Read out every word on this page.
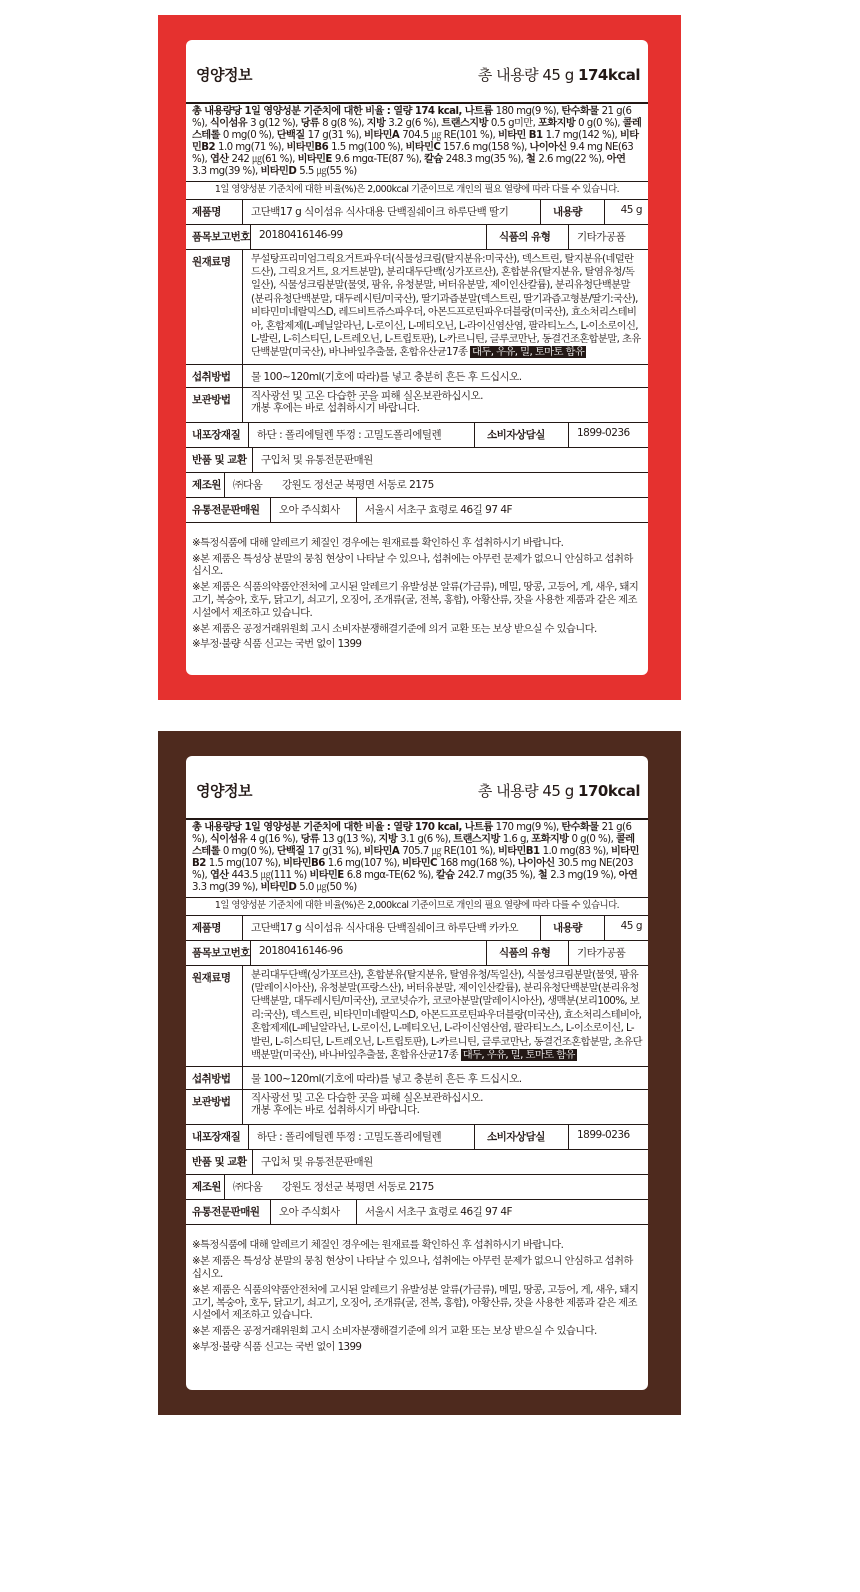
영양정보	총 내용량 45 g 174kcal
총 내용량당 1일 영양성분 기준치에 대한 비율 : 열량 174 kcal, 나트륨 180 mg(9 %), 탄수화물 21 g(6 %), 식이섬유 3 g(12 %), 당류 8 g(8 %), 지방 3.2 g(6 %), 트랜스지방 0.5 g미만, 포화지방 0 g(0 %), 콜레스테롤 0 mg(0 %), 단백질 17 g(31 %), 비타민A 704.5 ㎍ RE(101 %), 비타민 B1 1.7 mg(142 %), 비타민B2 1.0 mg(71 %), 비타민B6 1.5 mg(100 %), 비타민C 157.6 mg(158 %), 나이아신 9.4 mg NE(63 %), 엽산 242 ㎍(61 %), 비타민E 9.6 mgα-TE(87 %), 칼슘 248.3 mg(35 %), 철 2.6 mg(22 %), 아연 3.3 mg(39 %), 비타민D 5.5 ㎍(55 %)
1일 영양성분 기준치에 대한 비율(%)은 2,000kcal 기준이므로 개인의 필요 열량에 따라 다를 수 있습니다.
제품명	고단백17 g 식이섬유 식사대용 단백질쉐이크 하루단백 딸기	내용량	45 g
품목보고번호 20180416146-99	식품의 유형	기타가공품
원재료명	무설탕프리미엄그릭요거트파우더(식물성크림(탈지분유:미국산), 덱스트린, 탈지분유(네덜란드산), 그릭요거트, 요거트분말), 분리대두단백(싱가포르산), 혼합분유(탈지분유, 탈염유청/독일산), 식물성크림분말(물엿, 팜유, 유청분말, 버터유분말, 제이인산칼륨), 분리유청단백분말(분리유청단백분말, 대두레시틴/미국산), 딸기과즙분말(덱스트린, 딸기과즙고형분/딸기:국산), 비타민미네랄믹스D, 레드비트쥬스파우더, 아몬드프로틴파우더블랑(미국산), 효소처리스테비아, 혼합제제(L-페닐알라닌, L-로이신, L-메티오닌, L-라이신염산염, 팔라티노스, L-이소로이신, L-발린, L-히스티딘, L-트레오닌, L-트립토판), L-카르니틴, 글루코만난, 동결건조혼합분말, 초유단백분말(미국산), 바나바잎추출물, 혼합유산균17종 대두, 우유, 밀, 토마토 함유
섭취방법	물 100~120ml(기호에 따라)를 넣고 충분히 흔든 후 드십시오.
보관방법	직사광선 및 고온 다습한 곳을 피해 실온보관하십시오.
개봉 후에는 바로 섭취하시기 바랍니다.
내포장재질	하단 : 폴리에틸렌 뚜껑 : 고밀도폴리에틸렌	소비자상담실	1899-0236
반품 및 교환	구입처 및 유통전문판매원
제조원	㈜다움	강원도 정선군 북평면 서동로 2175
유통전문판매원	오아 주식회사	서울시 서초구 효령로 46길 97 4F

※특정식품에 대해 알레르기 체질인 경우에는 원재료를 확인하신 후 섭취하시기 바랍니다.

※본 제품은 특성상 분말의 뭉침 현상이 나타날 수 있으나, 섭취에는 아무런 문제가 없으니 안심하고 섭취하십시오.

※본 제품은 식품의약품안전처에 고시된 알레르기 유발성분 알류(가금류), 메밀, 땅콩, 고등어, 게, 새우, 돼지고기, 복숭아, 호두, 닭고기, 쇠고기, 오징어, 조개류(굴, 전복, 홍합), 아황산류, 잣을 사용한 제품과 같은 제조시설에서 제조하고 있습니다.

※본 제품은 공정거래위원회 고시 소비자분쟁해결기준에 의거 교환 또는 보상 받으실 수 있습니다.

※부정·불량 식품 신고는 국번 없이 1399

영양정보	총 내용량 45 g 170kcal
총 내용량당 1일 영양성분 기준치에 대한 비율 : 열량 170 kcal, 나트륨 170 mg(9 %), 탄수화물 21 g(6 %), 식이섬유 4 g(16 %), 당류 13 g(13 %), 지방 3.1 g(6 %), 트랜스지방 1.6 g, 포화지방 0 g(0 %), 콜레스테롤 0 mg(0 %), 단백질 17 g(31 %), 비타민A 705.7 ㎍ RE(101 %), 비타민B1 1.0 mg(83 %), 비타민B2 1.5 mg(107 %), 비타민B6 1.6 mg(107 %), 비타민C 168 mg(168 %), 나이아신 30.5 mg NE(203 %), 엽산 443.5 ㎍(111 %) 비타민E 6.8 mgα-TE(62 %), 칼슘 242.7 mg(35 %), 철 2.3 mg(19 %), 아연 3.3 mg(39 %), 비타민D 5.0 ㎍(50 %)
1일 영양성분 기준치에 대한 비율(%)은 2,000kcal 기준이므로 개인의 필요 열량에 따라 다를 수 있습니다.
제품명	고단백17 g 식이섬유 식사대용 단백질쉐이크 하루단백 카카오	내용량	45 g
품목보고번호 20180416146-96	식품의 유형	기타가공품
원재료명	분리대두단백(싱가포르산), 혼합분유(탈지분유, 탈염유청/독일산), 식물성크림분말(물엿, 팜유(말레이시아산), 유청분말(프랑스산), 버터유분말, 제이인산칼륨), 분리유청단백분말(분리유청단백분말, 대두레시틴/미국산), 코코넛슈가, 코코아분말(말레이시아산), 생맥분(보리100%, 보리:국산), 덱스트린, 비타민미네랄믹스D, 아몬드프로틴파우더블랑(미국산), 효소처리스테비아, 혼합제제(L-페닐알라닌, L-로이신, L-메티오닌, L-라이신염산염, 팔라티노스, L-이소로이신, L-발린, L-히스티딘, L-트레오닌, L-트립토판), L-카르니틴, 글루코만난, 동결건조혼합분말, 초유단백분말(미국산), 바나바잎추출물, 혼합유산균17종 대두, 우유, 밀, 토마토 함유
섭취방법	물 100~120ml(기호에 따라)를 넣고 충분히 흔든 후 드십시오.
보관방법	직사광선 및 고온 다습한 곳을 피해 실온보관하십시오.
개봉 후에는 바로 섭취하시기 바랍니다.
내포장재질	하단 : 폴리에틸렌 뚜껑 : 고밀도폴리에틸렌	소비자상담실	1899-0236
반품 및 교환	구입처 및 유통전문판매원
제조원	㈜다움	강원도 정선군 북평면 서동로 2175
유통전문판매원	오아 주식회사	서울시 서초구 효령로 46길 97 4F

※특정식품에 대해 알레르기 체질인 경우에는 원재료를 확인하신 후 섭취하시기 바랍니다.

※본 제품은 특성상 분말의 뭉침 현상이 나타날 수 있으나, 섭취에는 아무런 문제가 없으니 안심하고 섭취하십시오.

※본 제품은 식품의약품안전처에 고시된 알레르기 유발성분 알류(가금류), 메밀, 땅콩, 고등어, 게, 새우, 돼지고기, 복숭아, 호두, 닭고기, 쇠고기, 오징어, 조개류(굴, 전복, 홍합), 아황산류, 잣을 사용한 제품과 같은 제조시설에서 제조하고 있습니다.

※본 제품은 공정거래위원회 고시 소비자분쟁해결기준에 의거 교환 또는 보상 받으실 수 있습니다.

※부정·불량 식품 신고는 국번 없이 1399
